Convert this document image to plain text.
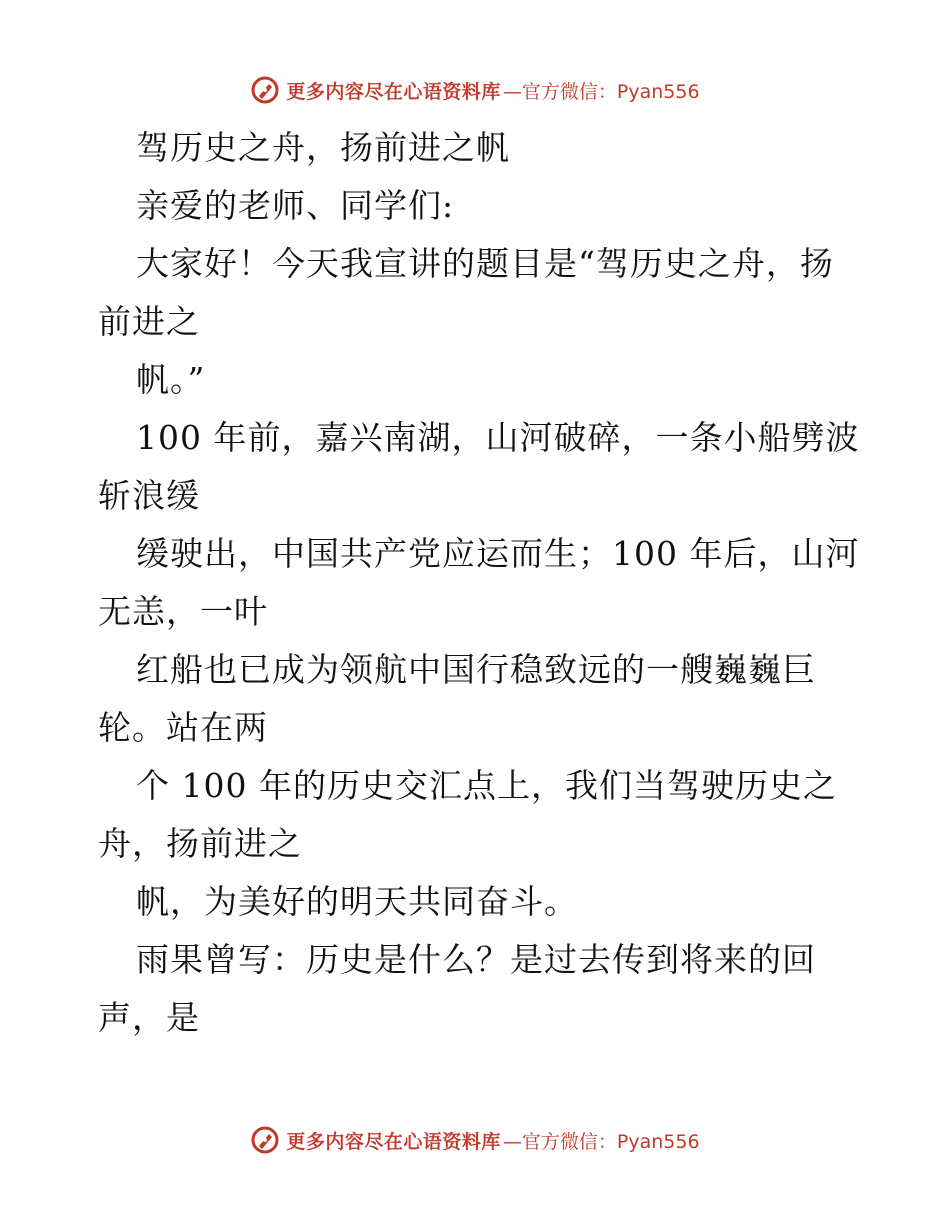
更多内容尽在心语资料库 —官方微信：Pyan556
驾历史之舟，扬前进之帆
亲爱的老师、同学们:
大家好！今天我宣讲的题目是“驾历史之舟，扬
前进之
帆。”
100 年前，嘉兴南湖，山河破碎，一条小船劈波
斩浪缓
缓驶出，中国共产党应运而生；100 年后，山河
无恙，一叶
红船也已成为领航中国行稳致远的一艘巍巍巨
轮。站在两
个 100 年的历史交汇点上，我们当驾驶历史之
舟，扬前进之
帆，为美好的明天共同奋斗。
雨果曾写：历史是什么？是过去传到将来的回
声，是
更多内容尽在心语资料库 —官方微信：Pyan556
